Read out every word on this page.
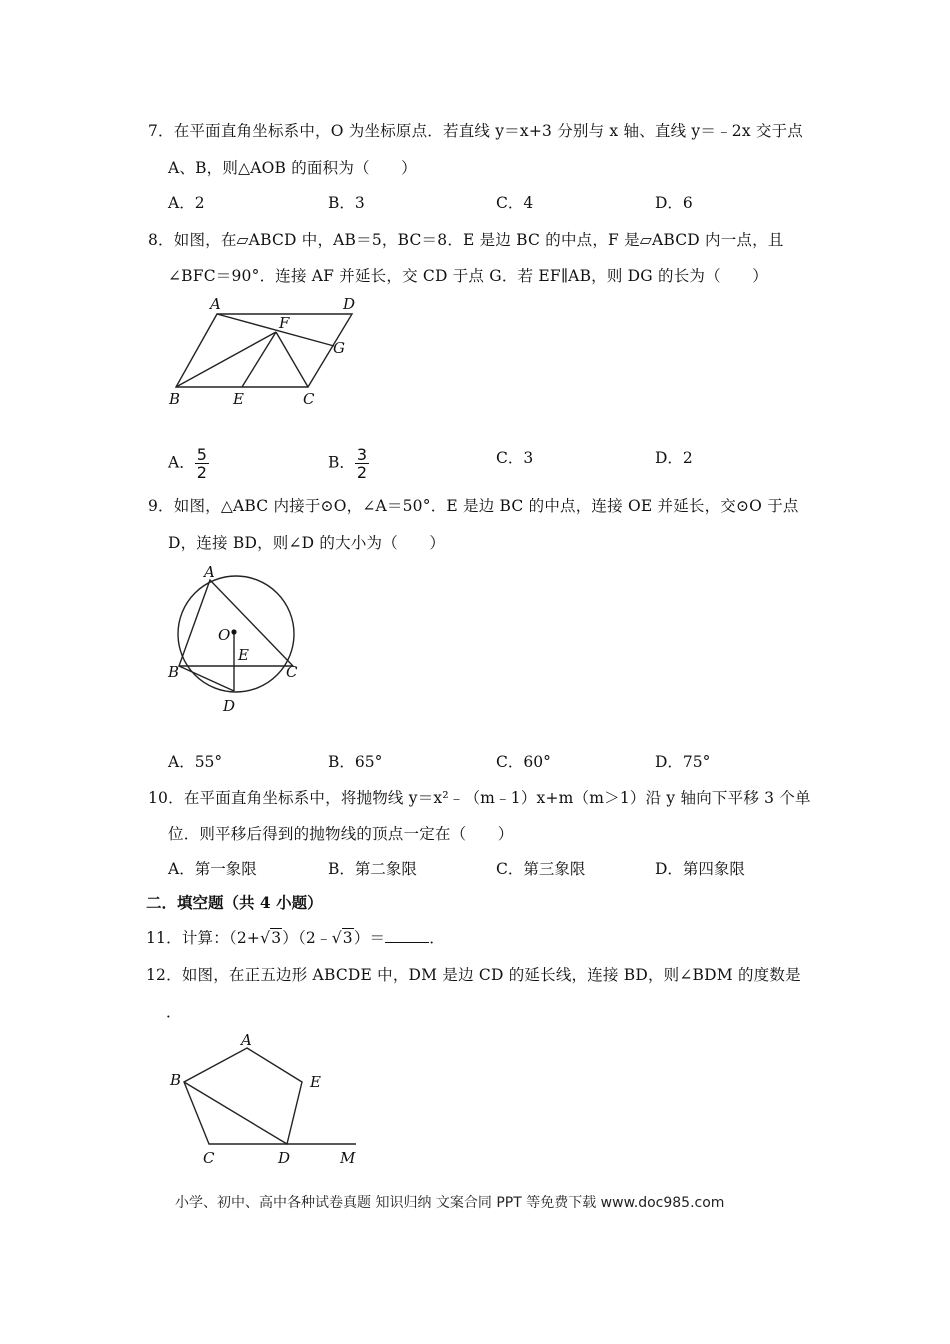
7．在平面直角坐标系中，O 为坐标原点．若直线 y＝x+3 分别与 x 轴、直线 y＝﹣2x 交于点
A、B，则△AOB 的面积为（　　）
A．2	B．3	C．4	D．6
8．如图，在▱ABCD 中，AB＝5，BC＝8．E 是边 BC 的中点，F 是▱ABCD 内一点，且
∠BFC＝90°．连接 AF 并延长，交 CD 于点 G．若 EF∥AB，则 DG 的长为（　　）
A	D
F
G
B	E	C
A． $\frac{5}{2}$	B． $\frac{3}{2}$	C．3	D．2
9．如图，△ABC 内接于⊙O，∠A＝50°．E 是边 BC 的中点，连接 OE 并延长，交⊙O 于点
D，连接 BD，则∠D 的大小为（　　）
A
O
E
B	C
D
A．55°	B．65°	C．60°	D．75°
10．在平面直角坐标系中，将抛物线 y＝x²﹣（m﹣1）x+m（m＞1）沿 y 轴向下平移 3 个单
位．则平移后得到的抛物线的顶点一定在（　　）
A．第一象限	B．第二象限	C．第三象限	D．第四象限
二．填空题（共 4 小题）
11．计算：（2+√3）（2﹣√3）＝	．
12．如图，在正五边形 ABCDE 中，DM 是边 CD 的延长线，连接 BD，则∠BDM 的度数是
．
A
B	E
C	D	M
小学、初中、高中各种试卷真题 知识归纳 文案合同 PPT 等免费下载 www.doc985.com
